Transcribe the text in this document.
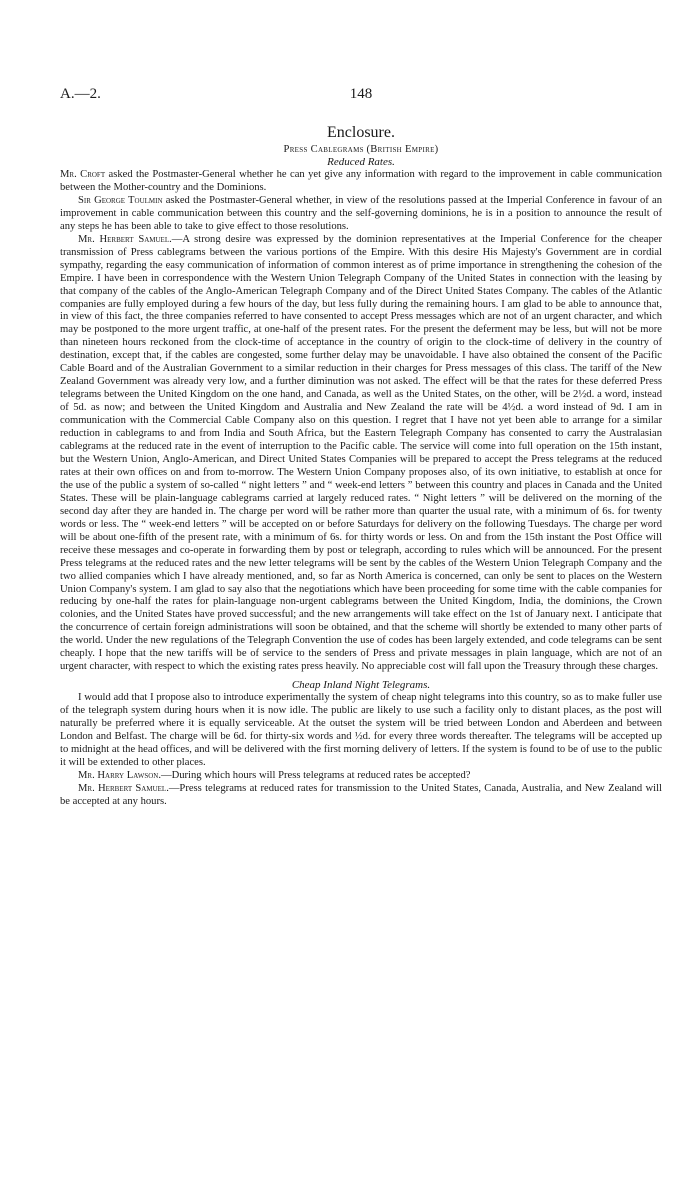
A.—2.	148
Enclosure.
Press Cablegrams (British Empire)
Reduced Rates.

Mr. Croft asked the Postmaster-General whether he can yet give any information with regard to the improvement in cable communication between the Mother-country and the Dominions.

Sir George Toulmin asked the Postmaster-General whether, in view of the resolutions passed at the Imperial Conference in favour of an improvement in cable communication between this country and the self-governing dominions, he is in a position to announce the result of any steps he has been able to take to give effect to those resolutions.

Mr. Herbert Samuel.—A strong desire was expressed by the dominion representatives at the Imperial Conference for the cheaper transmission of Press cablegrams between the various portions of the Empire. With this desire His Majesty's Government are in cordial sympathy, regarding the easy communication of information of common interest as of prime importance in strengthening the cohesion of the Empire. I have been in correspondence with the Western Union Telegraph Company of the United States in connection with the leasing by that company of the cables of the Anglo-American Telegraph Company and of the Direct United States Company. The cables of the Atlantic companies are fully employed during a few hours of the day, but less fully during the remaining hours. I am glad to be able to announce that, in view of this fact, the three companies referred to have consented to accept Press messages which are not of an urgent character, and which may be postponed to the more urgent traffic, at one-half of the present rates. For the present the deferment may be less, but will not be more than nineteen hours reckoned from the clock-time of acceptance in the country of origin to the clock-time of delivery in the country of destination, except that, if the cables are congested, some further delay may be unavoidable. I have also obtained the consent of the Pacific Cable Board and of the Australian Government to a similar reduction in their charges for Press messages of this class. The tariff of the New Zealand Government was already very low, and a further diminution was not asked. The effect will be that the rates for these deferred Press telegrams between the United Kingdom on the one hand, and Canada, as well as the United States, on the other, will be 2½d. a word, instead of 5d. as now; and between the United Kingdom and Australia and New Zealand the rate will be 4½d. a word instead of 9d. I am in communication with the Commercial Cable Company also on this question. I regret that I have not yet been able to arrange for a similar reduction in cablegrams to and from India and South Africa, but the Eastern Telegraph Company has consented to carry the Australasian cablegrams at the reduced rate in the event of interruption to the Pacific cable. The service will come into full operation on the 15th instant, but the Western Union, Anglo-American, and Direct United States Companies will be prepared to accept the Press telegrams at the reduced rates at their own offices on and from to-morrow. The Western Union Company proposes also, of its own initiative, to establish at once for the use of the public a system of so-called “ night letters ” and “ week-end letters ” between this country and places in Canada and the United States. These will be plain-language cablegrams carried at largely reduced rates. “ Night letters ” will be delivered on the morning of the second day after they are handed in. The charge per word will be rather more than quarter the usual rate, with a minimum of 6s. for twenty words or less. The “ week-end letters ” will be accepted on or before Saturdays for delivery on the following Tuesdays. The charge per word will be about one-fifth of the present rate, with a minimum of 6s. for thirty words or less. On and from the 15th instant the Post Office will receive these messages and co-operate in forwarding them by post or telegraph, according to rules which will be announced. For the present Press telegrams at the reduced rates and the new letter telegrams will be sent by the cables of the Western Union Telegraph Company and the two allied companies which I have already mentioned, and, so far as North America is concerned, can only be sent to places on the Western Union Company's system. I am glad to say also that the negotiations which have been proceeding for some time with the cable companies for reducing by one-half the rates for plain-language non-urgent cablegrams between the United Kingdom, India, the dominions, the Crown colonies, and the United States have proved successful; and the new arrangements will take effect on the 1st of January next. I anticipate that the concurrence of certain foreign administrations will soon be obtained, and that the scheme will shortly be extended to many other parts of the world. Under the new regulations of the Telegraph Convention the use of codes has been largely extended, and code telegrams can be sent cheaply. I hope that the new tariffs will be of service to the senders of Press and private messages in plain language, which are not of an urgent character, with respect to which the existing rates press heavily. No appreciable cost will fall upon the Treasury through these charges.

Cheap Inland Night Telegrams.

I would add that I propose also to introduce experimentally the system of cheap night telegrams into this country, so as to make fuller use of the telegraph system during hours when it is now idle. The public are likely to use such a facility only to distant places, as the post will naturally be preferred where it is equally serviceable. At the outset the system will be tried between London and Aberdeen and between London and Belfast. The charge will be 6d. for thirty-six words and ½d. for every three words thereafter. The telegrams will be accepted up to midnight at the head offices, and will be delivered with the first morning delivery of letters. If the system is found to be of use to the public it will be extended to other places.

Mr. Harry Lawson.—During which hours will Press telegrams at reduced rates be accepted?

Mr. Herbert Samuel.—Press telegrams at reduced rates for transmission to the United States, Canada, Australia, and New Zealand will be accepted at any hours.
